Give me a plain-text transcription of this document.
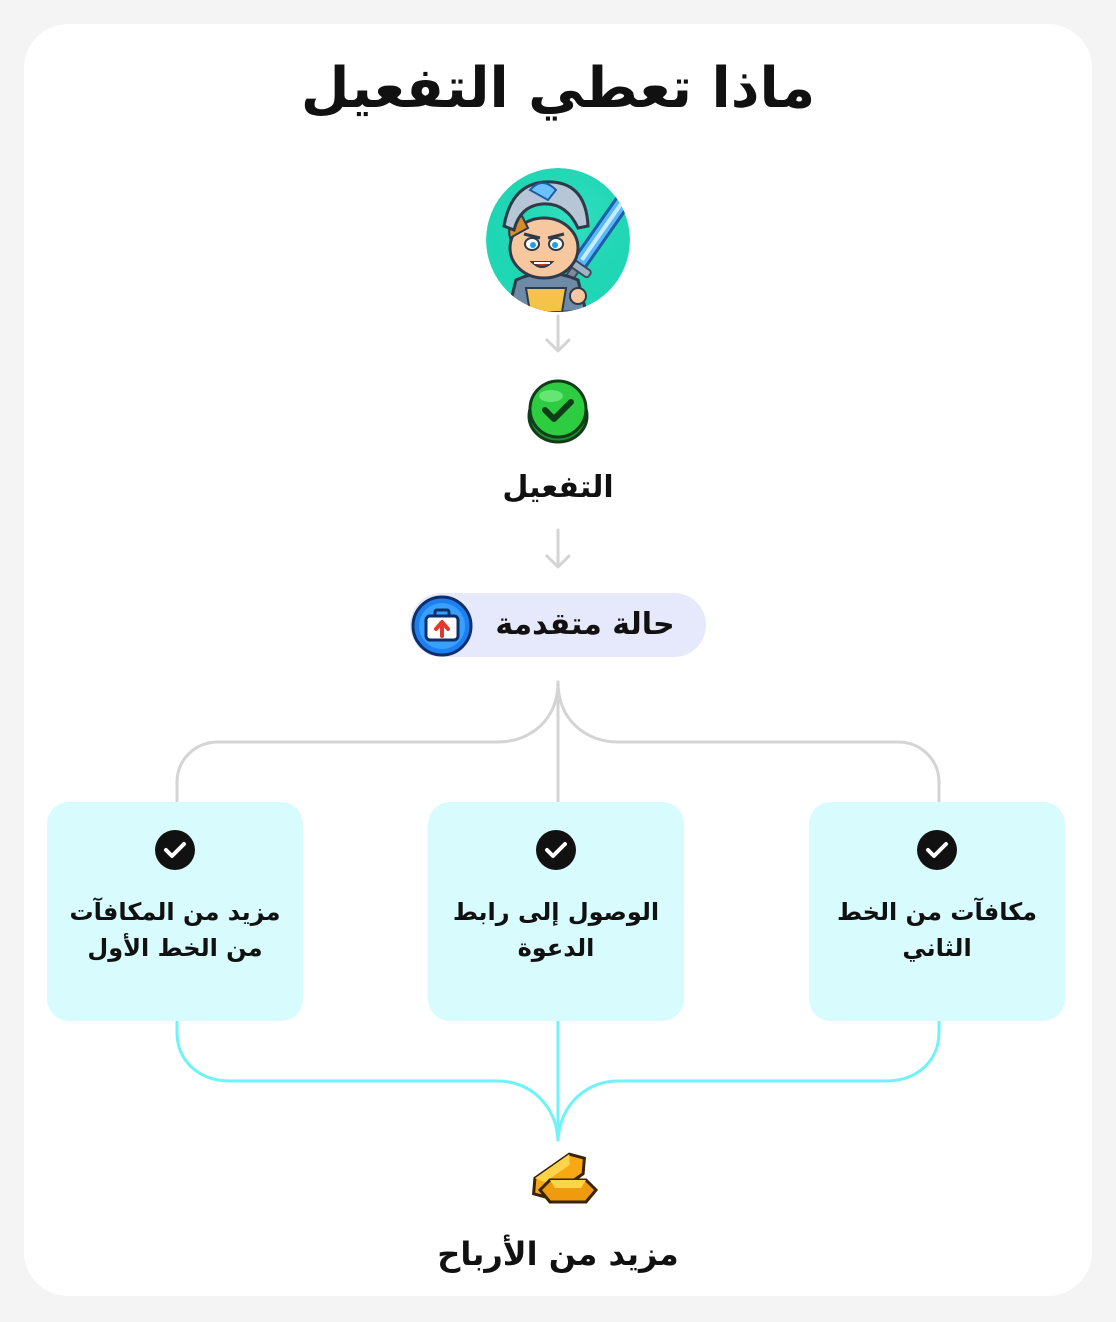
ماذا تعطي التفعيل
التفعيل
حالة متقدمة
مكافآت من الخط الثاني
الوصول إلى رابط الدعوة
مزيد من المكافآت من الخط الأول
مزيد من الأرباح
